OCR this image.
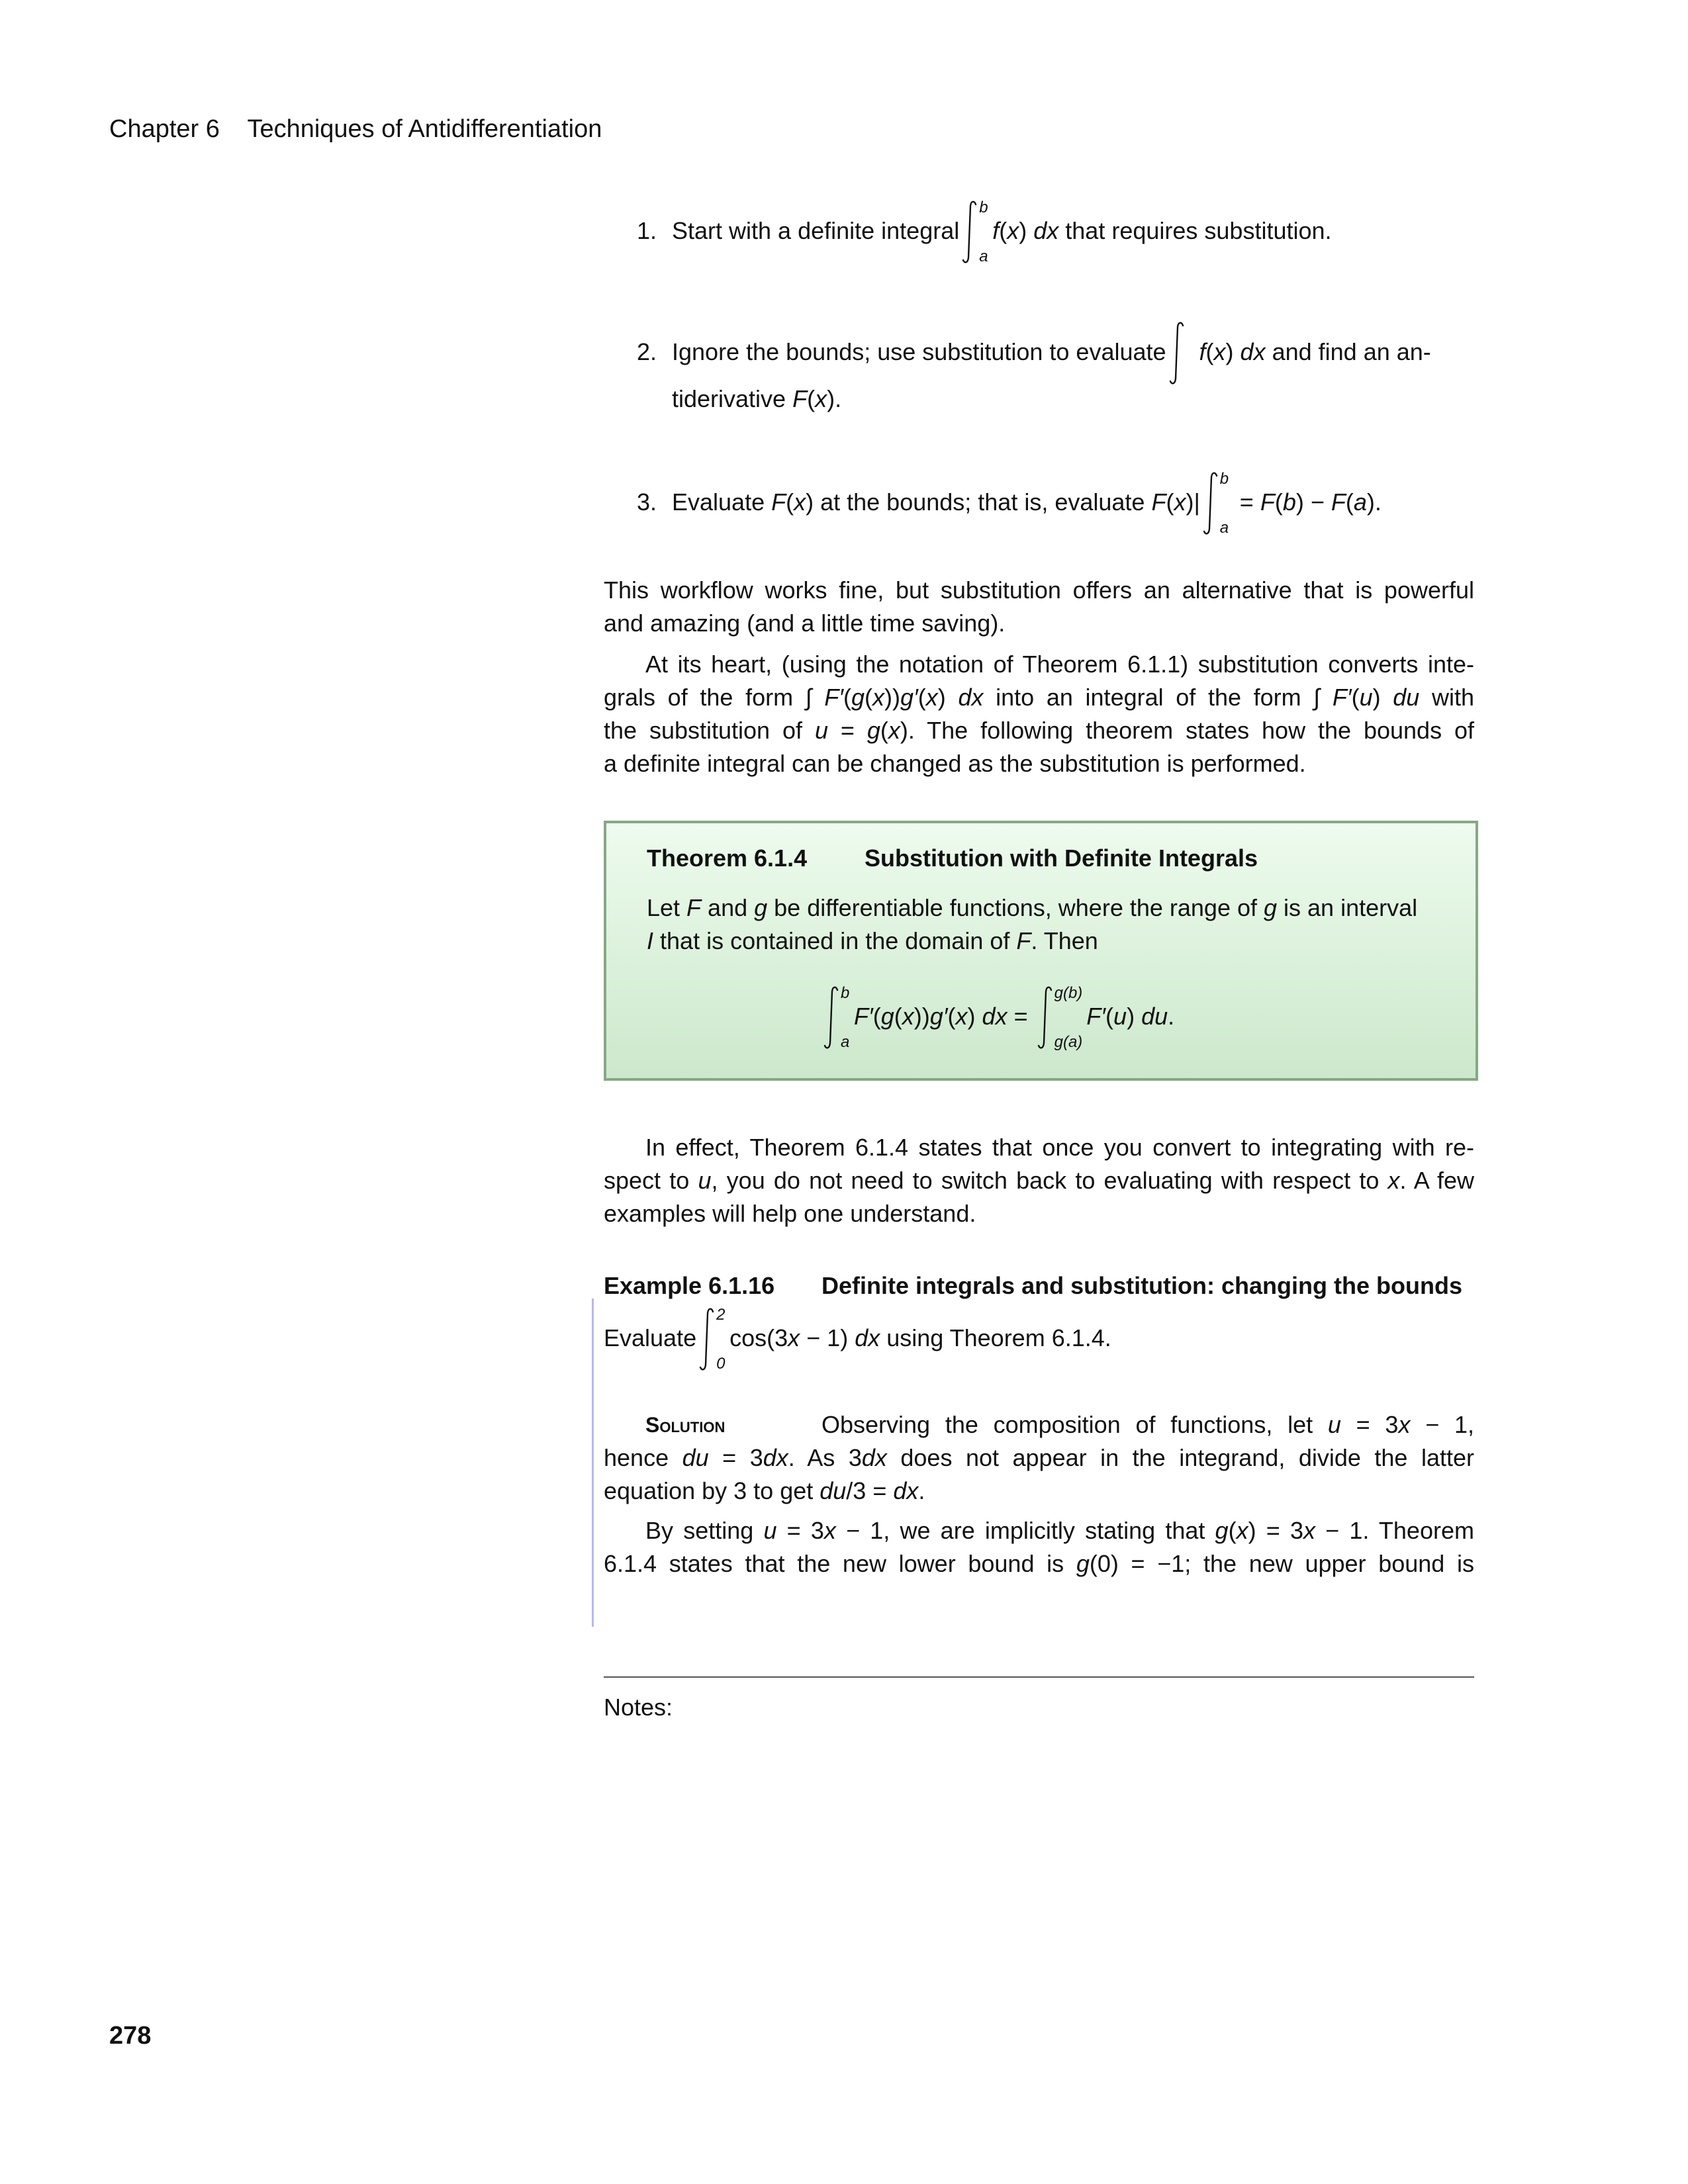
Chapter 6 Techniques of Antidifferentiation
1. Start with a definite integral
b
a
f(x) dx that requires substitution.
2. Ignore the bounds; use substitution to evaluate f(x) dx and find an an-
tiderivative F(x).
3. Evaluate F(x) at the bounds; that is, evaluate F(x)|
b
a
= F(b) − F(a).
This workflow works fine, but substitution offers an alternative that is powerful
and amazing (and a little time saving).
At its heart, (using the notation of Theorem 6.1.1) substitution converts inte-
grals of the form ∫ F′(g(x))g′(x) dx into an integral of the form ∫ F′(u) du with
the substitution of u = g(x). The following theorem states how the bounds of
a definite integral can be changed as the substitution is performed.
Theorem 6.1.4 Substitution with Definite Integrals
Let F and g be differentiable functions, where the range of g is an interval
I that is contained in the domain of F. Then
b
a
F′(g(x))g′(x) dx =
g(b)
g(a)
F′(u) du.
In effect, Theorem 6.1.4 states that once you convert to integrating with re-
spect to u, you do not need to switch back to evaluating with respect to x. A few
examples will help one understand.
Example 6.1.16 Definite integrals and substitution: changing the bounds
Evaluate
2
0
cos(3x − 1) dx using Theorem 6.1.4.
Solution	Observing the composition of functions, let u = 3x − 1,
hence du = 3dx. As 3dx does not appear in the integrand, divide the latter
equation by 3 to get du/3 = dx.
By setting u = 3x − 1, we are implicitly stating that g(x) = 3x − 1. Theorem
6.1.4 states that the new lower bound is g(0) = −1; the new upper bound is
Notes:
278
